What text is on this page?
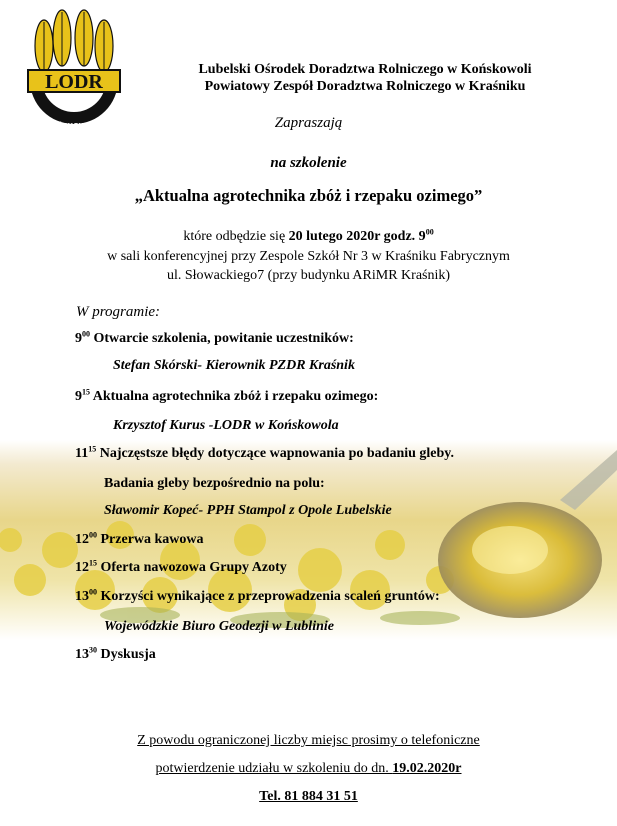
LODR
KOŃSKOWOLA
Lubelski Ośrodek Doradztwa Rolniczego w Końskowoli
Powiatowy Zespół Doradztwa Rolniczego w Kraśniku
Zapraszają
na szkolenie
„Aktualna agrotechnika zbóż i rzepaku ozimego”
które odbędzie się 20 lutego 2020r godz. $9^{00}$
w sali konferencyjnej przy Zespole Szkół Nr 3 w Kraśniku Fabrycznym
ul. Słowackiego7 (przy budynku ARiMR Kraśnik)
W programie:
$9^{00}$ Otwarcie szkolenia, powitanie uczestników:
Stefan Skórski- Kierownik PZDR Kraśnik
$9^{15}$ Aktualna agrotechnika zbóż i rzepaku ozimego:
Krzysztof Kurus -LODR w Końskowola
$11^{15}$ Najczęstsze błędy dotyczące wapnowania po badaniu gleby.
Badania gleby bezpośrednio na polu:
Sławomir Kopeć- PPH Stampol z Opole Lubelskie
$12^{00}$ Przerwa kawowa
$12^{15}$ Oferta nawozowa Grupy Azoty
$13^{00}$ Korzyści wynikające z przeprowadzenia scaleń gruntów:
Wojewódzkie Biuro Geodezji w Lublinie
$13^{30}$ Dyskusja
Z powodu ograniczonej liczby miejsc prosimy o telefoniczne
potwierdzenie udziału w szkoleniu do dn. 19.02.2020r
Tel. 81 884 31 51
